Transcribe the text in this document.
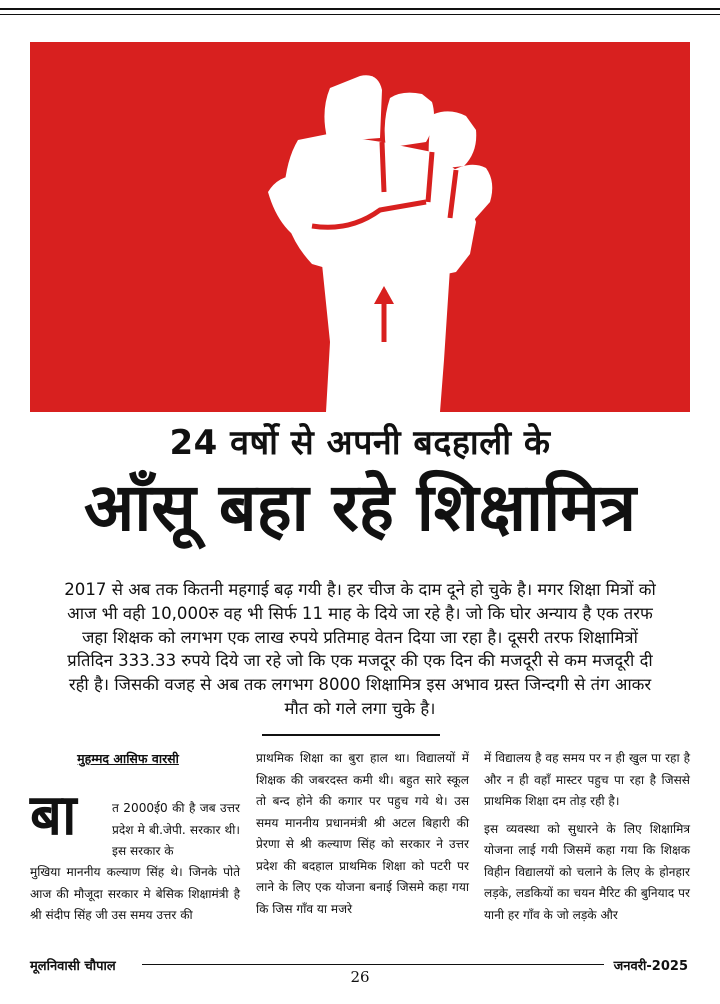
24 वर्षो से अपनी बदहाली के
आँसू बहा रहे शिक्षामित्र
2017 से अब तक कितनी महगाई बढ़ गयी है। हर चीज के दाम दूने हो चुके है। मगर शिक्षा मित्रों को आज भी वही 10,000रु वह भी सिर्फ 11 माह के दिये जा रहे है। जो कि घोर अन्याय है एक तरफ जहा शिक्षक को लगभग एक लाख रुपये प्रतिमाह वेतन दिया जा रहा है। दूसरी तरफ शिक्षामित्रों प्रतिदिन 333.33 रुपये दिये जा रहे जो कि एक मजदूर की एक दिन की मजदूरी से कम मजदूरी दी रही है। जिसकी वजह से अब तक लगभग 8000 शिक्षामित्र इस अभाव ग्रस्त जिन्दगी से तंग आकर मौत को गले लगा चुके है।
मुहम्मद आसिफ वारसी
बा	त 2000ई0 की है जब उत्तर प्रदेश मे बी.जेपी. सरकार थी। इस सरकार के
मुखिया माननीय कल्याण सिंह थे। जिनके पोते आज की मौजूदा सरकार मे बेसिक शिक्षामंत्री है श्री संदीप सिंह जी उस समय उत्तर की
प्राथमिक शिक्षा का बुरा हाल था। विद्यालयों में शिक्षक की जबरदस्त कमी थी। बहुत सारे स्कूल तो बन्द होने की कगार पर पहुच गये थे। उस समय माननीय प्रधानमंत्री श्री अटल बिहारी की प्रेरणा से श्री कल्याण सिंह को सरकार ने उत्तर प्रदेश की बदहाल प्राथमिक शिक्षा को पटरी पर लाने के लिए एक योजना बनाई जिसमे कहा गया कि जिस गाँव या मजरे
में विद्यालय है वह समय पर न ही खुल पा रहा है और न ही वहाँ मास्टर पहुच पा रहा है जिससे प्राथमिक शिक्षा दम तोड़ रही है।
इस व्यवस्था को सुधारने के लिए शिक्षामित्र योजना लाई गयी जिसमें कहा गया कि शिक्षक विहीन विद्यालयों को चलाने के लिए के होनहार लड़के, लडकियों का चयन मैरिट की बुनियाद पर यानी हर गाँव के जो लड़के और
मूलनिवासी चौपाल	जनवरी-2025
26
